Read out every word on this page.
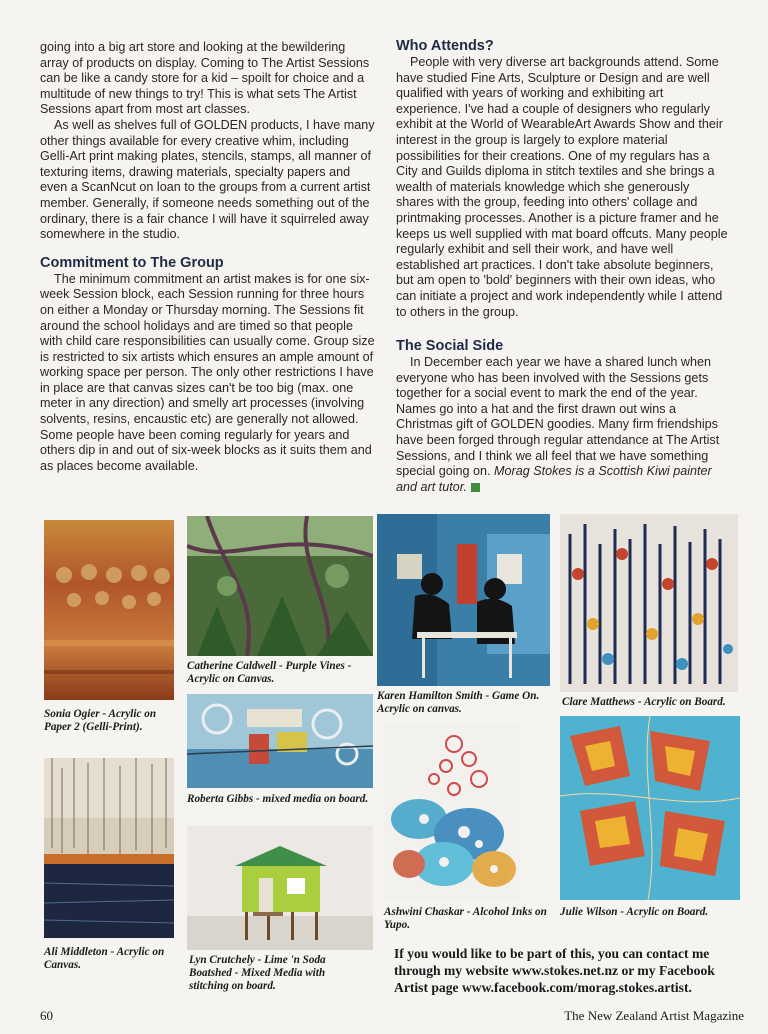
going into a big art store and looking at the bewildering array of products on display. Coming to The Artist Sessions can be like a candy store for a kid – spoilt for choice and a multitude of new things to try! This is what sets The Artist Sessions apart from most art classes.

As well as shelves full of GOLDEN products, I have many other things available for every creative whim, including Gelli-Art print making plates, stencils, stamps, all manner of texturing items, drawing materials, specialty papers and even a ScanNcut on loan to the groups from a current artist member. Generally, if someone needs something out of the ordinary, there is a fair chance I will have it squirreled away somewhere in the studio.

Commitment to The Group

The minimum commitment an artist makes is for one six-week Session block, each Session running for three hours on either a Monday or Thursday morning. The Sessions fit around the school holidays and are timed so that people with child care responsibilities can usually come. Group size is restricted to six artists which ensures an ample amount of working space per person. The only other restrictions I have in place are that canvas sizes can't be too big (max. one meter in any direction) and smelly art processes (involving solvents, resins, encaustic etc) are generally not allowed. Some people have been coming regularly for years and others dip in and out of six-week blocks as it suits them and as places become available.

Who Attends?

People with very diverse art backgrounds attend. Some have studied Fine Arts, Sculpture or Design and are well qualified with years of working and exhibiting art experience. I've had a couple of designers who regularly exhibit at the World of WearableArt Awards Show and their interest in the group is largely to explore material possibilities for their creations. One of my regulars has a City and Guilds diploma in stitch textiles and she brings a wealth of materials knowledge which she generously shares with the group, feeding into others' collage and printmaking processes. Another is a picture framer and he keeps us well supplied with mat board offcuts. Many people regularly exhibit and sell their work, and have well established art practices. I don't take absolute beginners, but am open to 'bold' beginners with their own ideas, who can initiate a project and work independently while I attend to others in the group.

The Social Side

In December each year we have a shared lunch when everyone who has been involved with the Sessions gets together for a social event to mark the end of the year. Names go into a hat and the first drawn out wins a Christmas gift of GOLDEN goodies. Many firm friendships have been forged through regular attendance at The Artist Sessions, and I think we all feel that we have something special going on. Morag Stokes is a Scottish Kiwi painter and art tutor.

Sonia Ogier - Acrylic on Paper 2 (Gelli-Print).
Catherine Caldwell - Purple Vines - Acrylic on Canvas.
Karen Hamilton Smith - Game On. Acrylic on canvas.
Clare Matthews - Acrylic on Board.
Roberta Gibbs - mixed media on board.
Ali Middleton - Acrylic on Canvas.	Lyn Crutchely - Lime 'n Soda Boatshed - Mixed Media with stitching on board.
Ashwini Chaskar - Alcohol Inks on Yupo.
Julie Wilson - Acrylic on Board.
If you would like to be part of this, you can contact me through my website www.stokes.net.nz or my Facebook Artist page www.facebook.com/morag.stokes.artist.
60	The New Zealand Artist Magazine
